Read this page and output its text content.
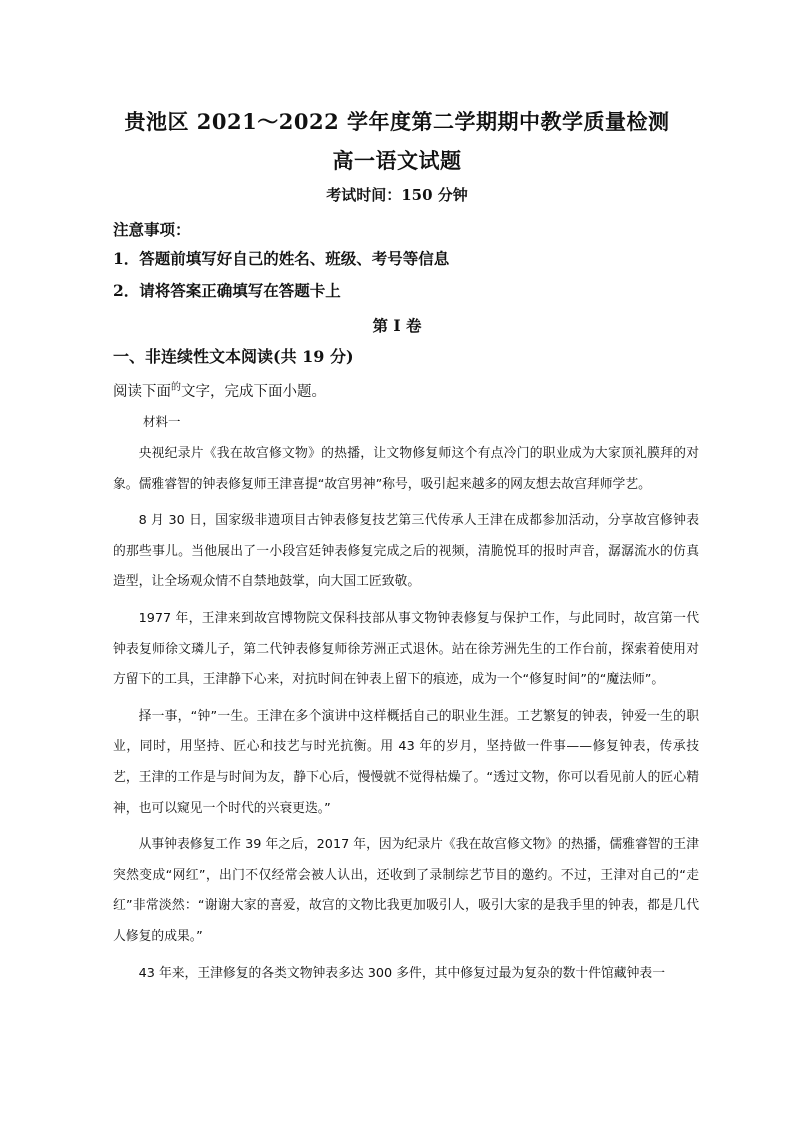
贵池区 2021～2022 学年度第二学期期中教学质量检测
高一语文试题
考试时间：150 分钟
注意事项：
1．答题前填写好自己的姓名、班级、考号等信息
2．请将答案正确填写在答题卡上
第 I 卷
一、非连续性文本阅读(共 19 分)
阅读下面$^的$文字，完成下面小题。
材料一

央视纪录片《我在故宫修文物》的热播，让文物修复师这个有点冷门的职业成为大家顶礼膜拜的对象。儒雅睿智的钟表修复师王津喜提“故宫男神”称号，吸引起来越多的网友想去故宫拜师学艺。

8 月 30 日，国家级非遗项目古钟表修复技艺第三代传承人王津在成都参加活动，分享故宫修钟表的那些事儿。当他展出了一小段宫廷钟表修复完成之后的视频，清脆悦耳的报时声音，潺潺流水的仿真造型，让全场观众情不自禁地鼓掌，向大国工匠致敬。

1977 年，王津来到故宫博物院文保科技部从事文物钟表修复与保护工作，与此同时，故宫第一代钟表复师徐文璘儿子，第二代钟表修复师徐芳洲正式退休。站在徐芳洲先生的工作台前，探索着使用对方留下的工具，王津静下心来，对抗时间在钟表上留下的痕迹，成为一个“修复时间”的“魔法师”。

择一事，“钟”一生。王津在多个演讲中这样概括自己的职业生涯。工艺繁复的钟表，钟爱一生的职业，同时，用坚持、匠心和技艺与时光抗衡。用 43 年的岁月，坚持做一件事——修复钟表，传承技艺，王津的工作是与时间为友，静下心后，慢慢就不觉得枯燥了。“透过文物，你可以看见前人的匠心精神，也可以窥见一个时代的兴衰更迭。”

从事钟表修复工作 39 年之后，2017 年，因为纪录片《我在故宫修文物》的热播，儒雅睿智的王津突然变成“网红”，出门不仅经常会被人认出，还收到了录制综艺节目的邀约。不过，王津对自己的“走红”非常淡然：“谢谢大家的喜爱，故宫的文物比我更加吸引人，吸引大家的是我手里的钟表，都是几代人修复的成果。”

43 年来，王津修复的各类文物钟表多达 300 多件，其中修复过最为复杂的数十件馆藏钟表一
